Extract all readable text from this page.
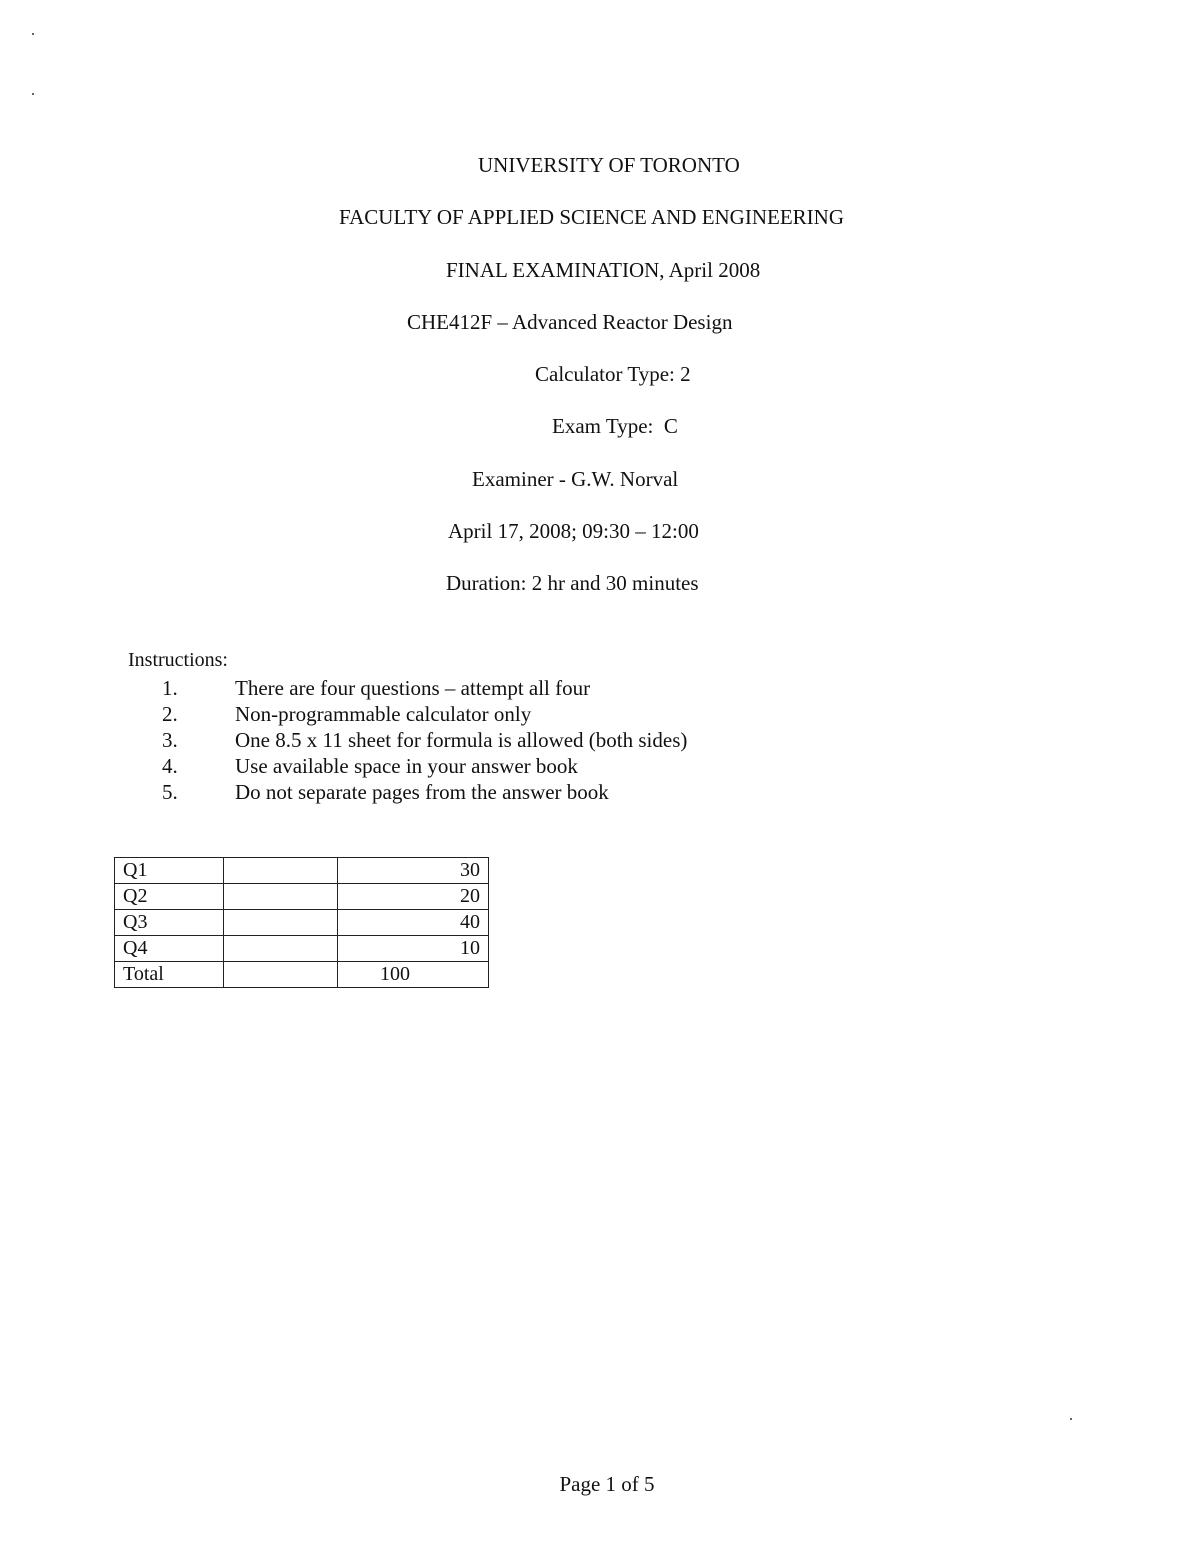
UNIVERSITY OF TORONTO
FACULTY OF APPLIED SCIENCE AND ENGINEERING
FINAL EXAMINATION, April 2008
CHE412F – Advanced Reactor Design
Calculator Type: 2
Exam Type:  C
Examiner - G.W. Norval
April 17, 2008; 09:30 – 12:00
Duration: 2 hr and 30 minutes
Instructions:
1.	There are four questions – attempt all four
2.	Non-programmable calculator only
3.	One 8.5 x 11 sheet for formula is allowed (both sides)
4.	Use available space in your answer book
5.	Do not separate pages from the answer book
Q1		30
Q2		20
Q3		40
Q4		10
Total		100
Page 1 of 5
